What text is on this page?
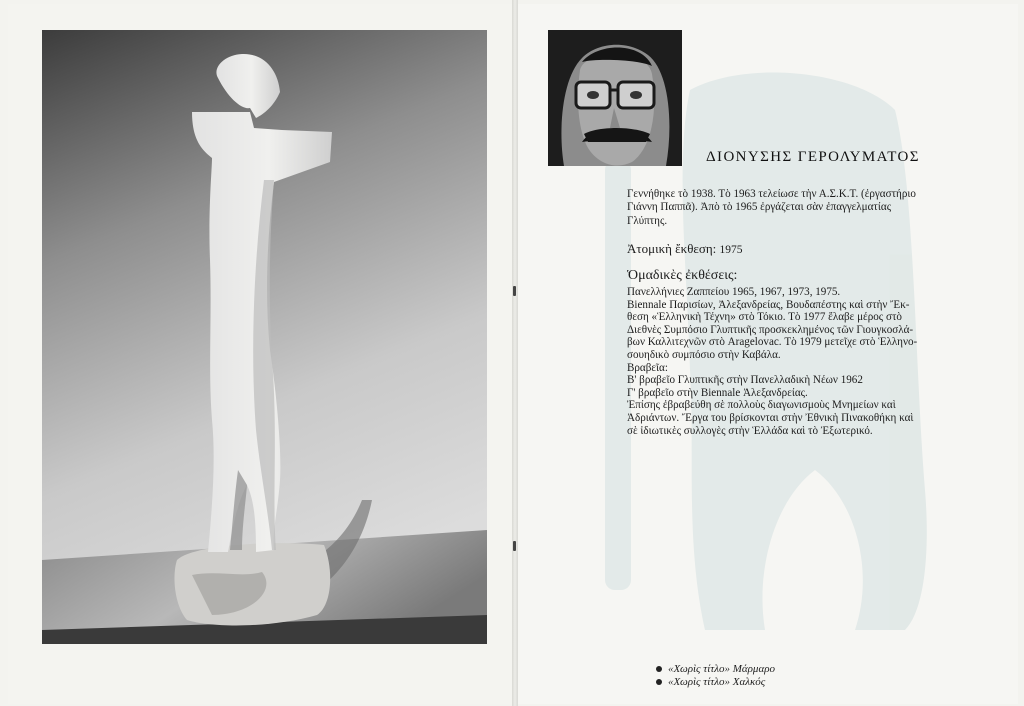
ΔΙΟΝΥΣΗΣ ΓΕΡΟΛΥΜΑΤΟΣ
Γεννήθηκε τὸ 1938. Τὸ 1963 τελείωσε τὴν Α.Σ.Κ.Τ. (ἐργαστήριο
Γιάννη Παππᾶ). Ἀπὸ τὸ 1965 ἐργάζεται σὰν ἐπαγγελματίας
Γλύπτης.
Ἀτομικὴ ἔκθεση: 1975
Ὁμαδικὲς ἐκθέσεις:
Πανελλήνιες Ζαππείου 1965, 1967, 1973, 1975.
Biennale Παρισίων, Ἀλεξανδρείας, Βουδαπέστης καὶ στὴν Ἔκ-
θεση «Ἑλληνικὴ Τέχνη» στὸ Τόκιο. Τὸ 1977 ἔλαβε μέρος στὸ
Διεθνὲς Συμπόσιο Γλυπτικῆς προσκεκλημένος τῶν Γιουγκοσλά-
βων Καλλιτεχνῶν στὸ Aragelovac. Τὸ 1979 μετεῖχε στὸ Ἑλληνο-
σουηδικὸ συμπόσιο στὴν Καβάλα.
Βραβεῖα:
Β' βραβεῖο Γλυπτικῆς στὴν Πανελλαδικὴ Νέων 1962
Γ' βραβεῖο στὴν Biennale Ἀλεξανδρείας.
Ἐπίσης ἐβραβεύθη σὲ πολλοὺς διαγωνισμοὺς Μνημείων καὶ
Ἀδριάντων. Ἔργα του βρίσκονται στὴν Ἐθνικὴ Πινακοθήκη καὶ
σὲ ἰδιωτικὲς συλλογὲς στὴν Ἑλλάδα καὶ τὸ Ἐξωτερικό.
«Χωρὶς τίτλο»
Μάρμαρο
«Χωρὶς τίτλο»
Χαλκός
